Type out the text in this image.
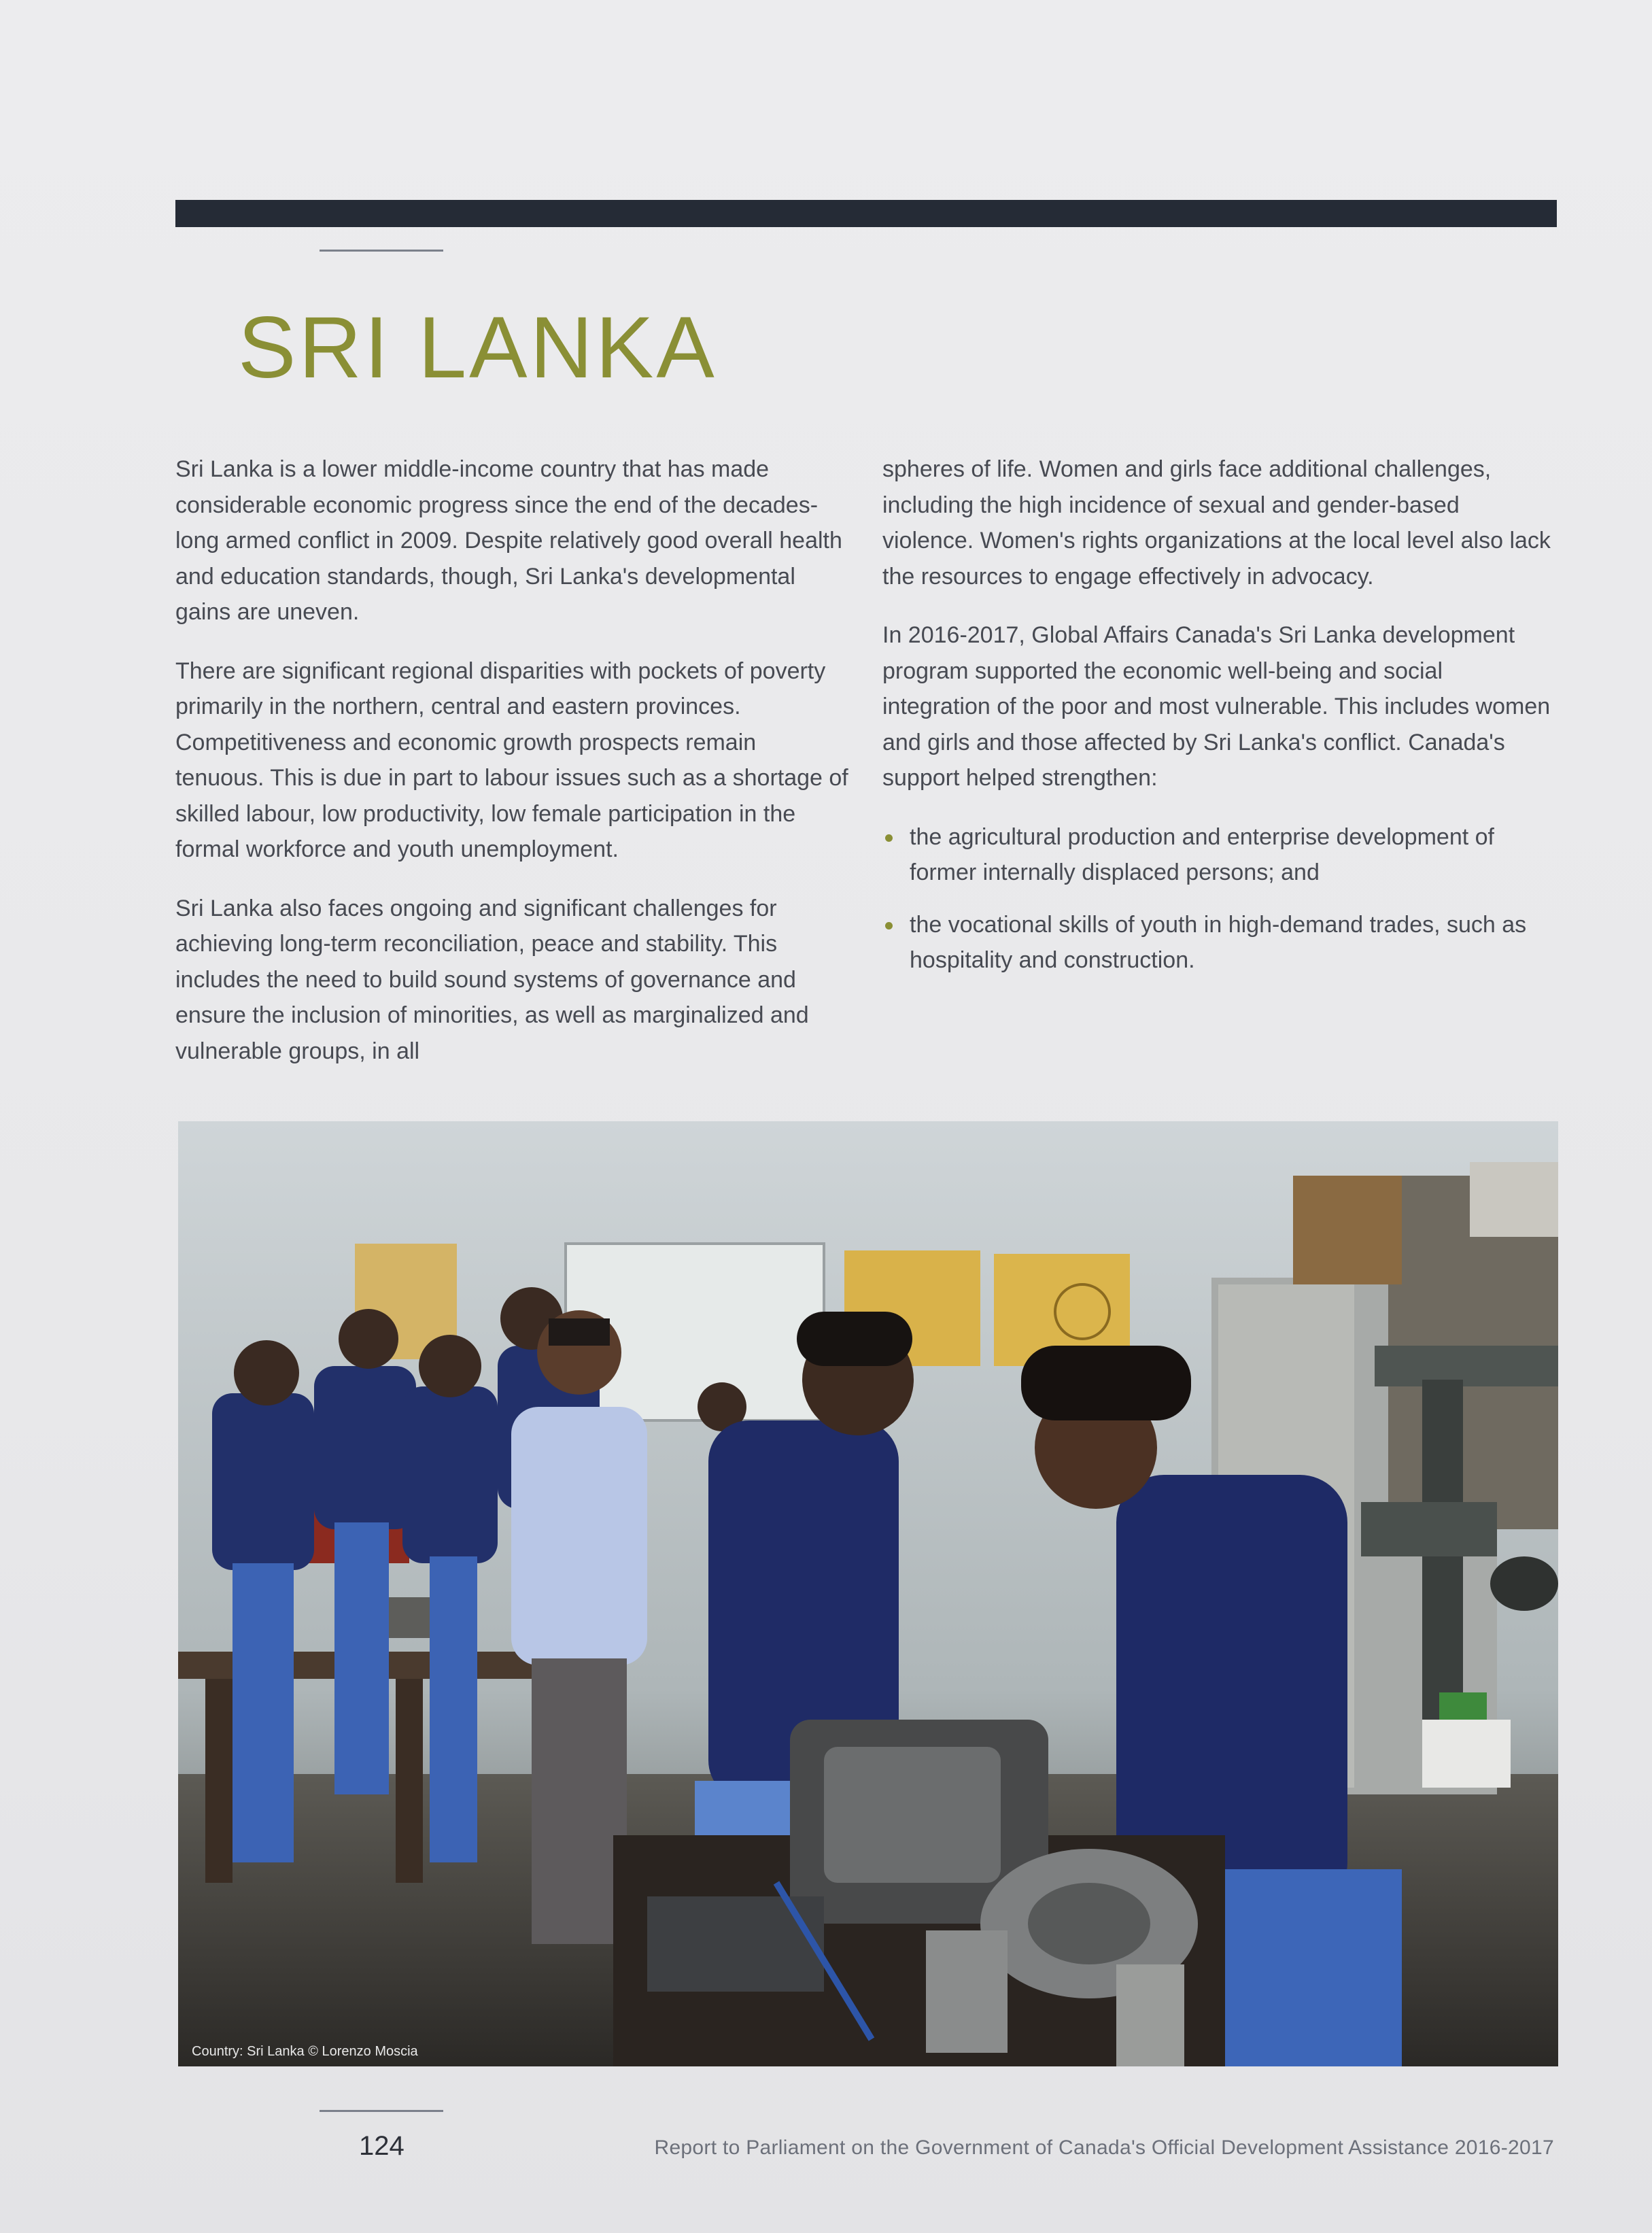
SRI LANKA

Sri Lanka is a lower middle-income country that has made considerable economic progress since the end of the decades-long armed conflict in 2009. Despite relatively good overall health and education standards, though, Sri Lanka's developmental gains are uneven.

There are significant regional disparities with pockets of poverty primarily in the northern, central and eastern provinces. Competitiveness and economic growth prospects remain tenuous. This is due in part to labour issues such as a shortage of skilled labour, low productivity, low female participation in the formal workforce and youth unemployment.

Sri Lanka also faces ongoing and significant challenges for achieving long-term reconciliation, peace and stability. This includes the need to build sound systems of governance and ensure the inclusion of minorities, as well as marginalized and vulnerable groups, in all

spheres of life. Women and girls face additional challenges, including the high incidence of sexual and gender-based violence. Women's rights organizations at the local level also lack the resources to engage effectively in advocacy.

In 2016-2017, Global Affairs Canada's Sri Lanka development program supported the economic well-being and social integration of the poor and most vulnerable. This includes women and girls and those affected by Sri Lanka's conflict. Canada's support helped strengthen:

the agricultural production and enterprise development of former internally displaced persons; and
the vocational skills of youth in high-demand trades, such as hospitality and construction.
Country: Sri Lanka © Lorenzo Moscia
124	Report to Parliament on the Government of Canada's Official Development Assistance 2016-2017
